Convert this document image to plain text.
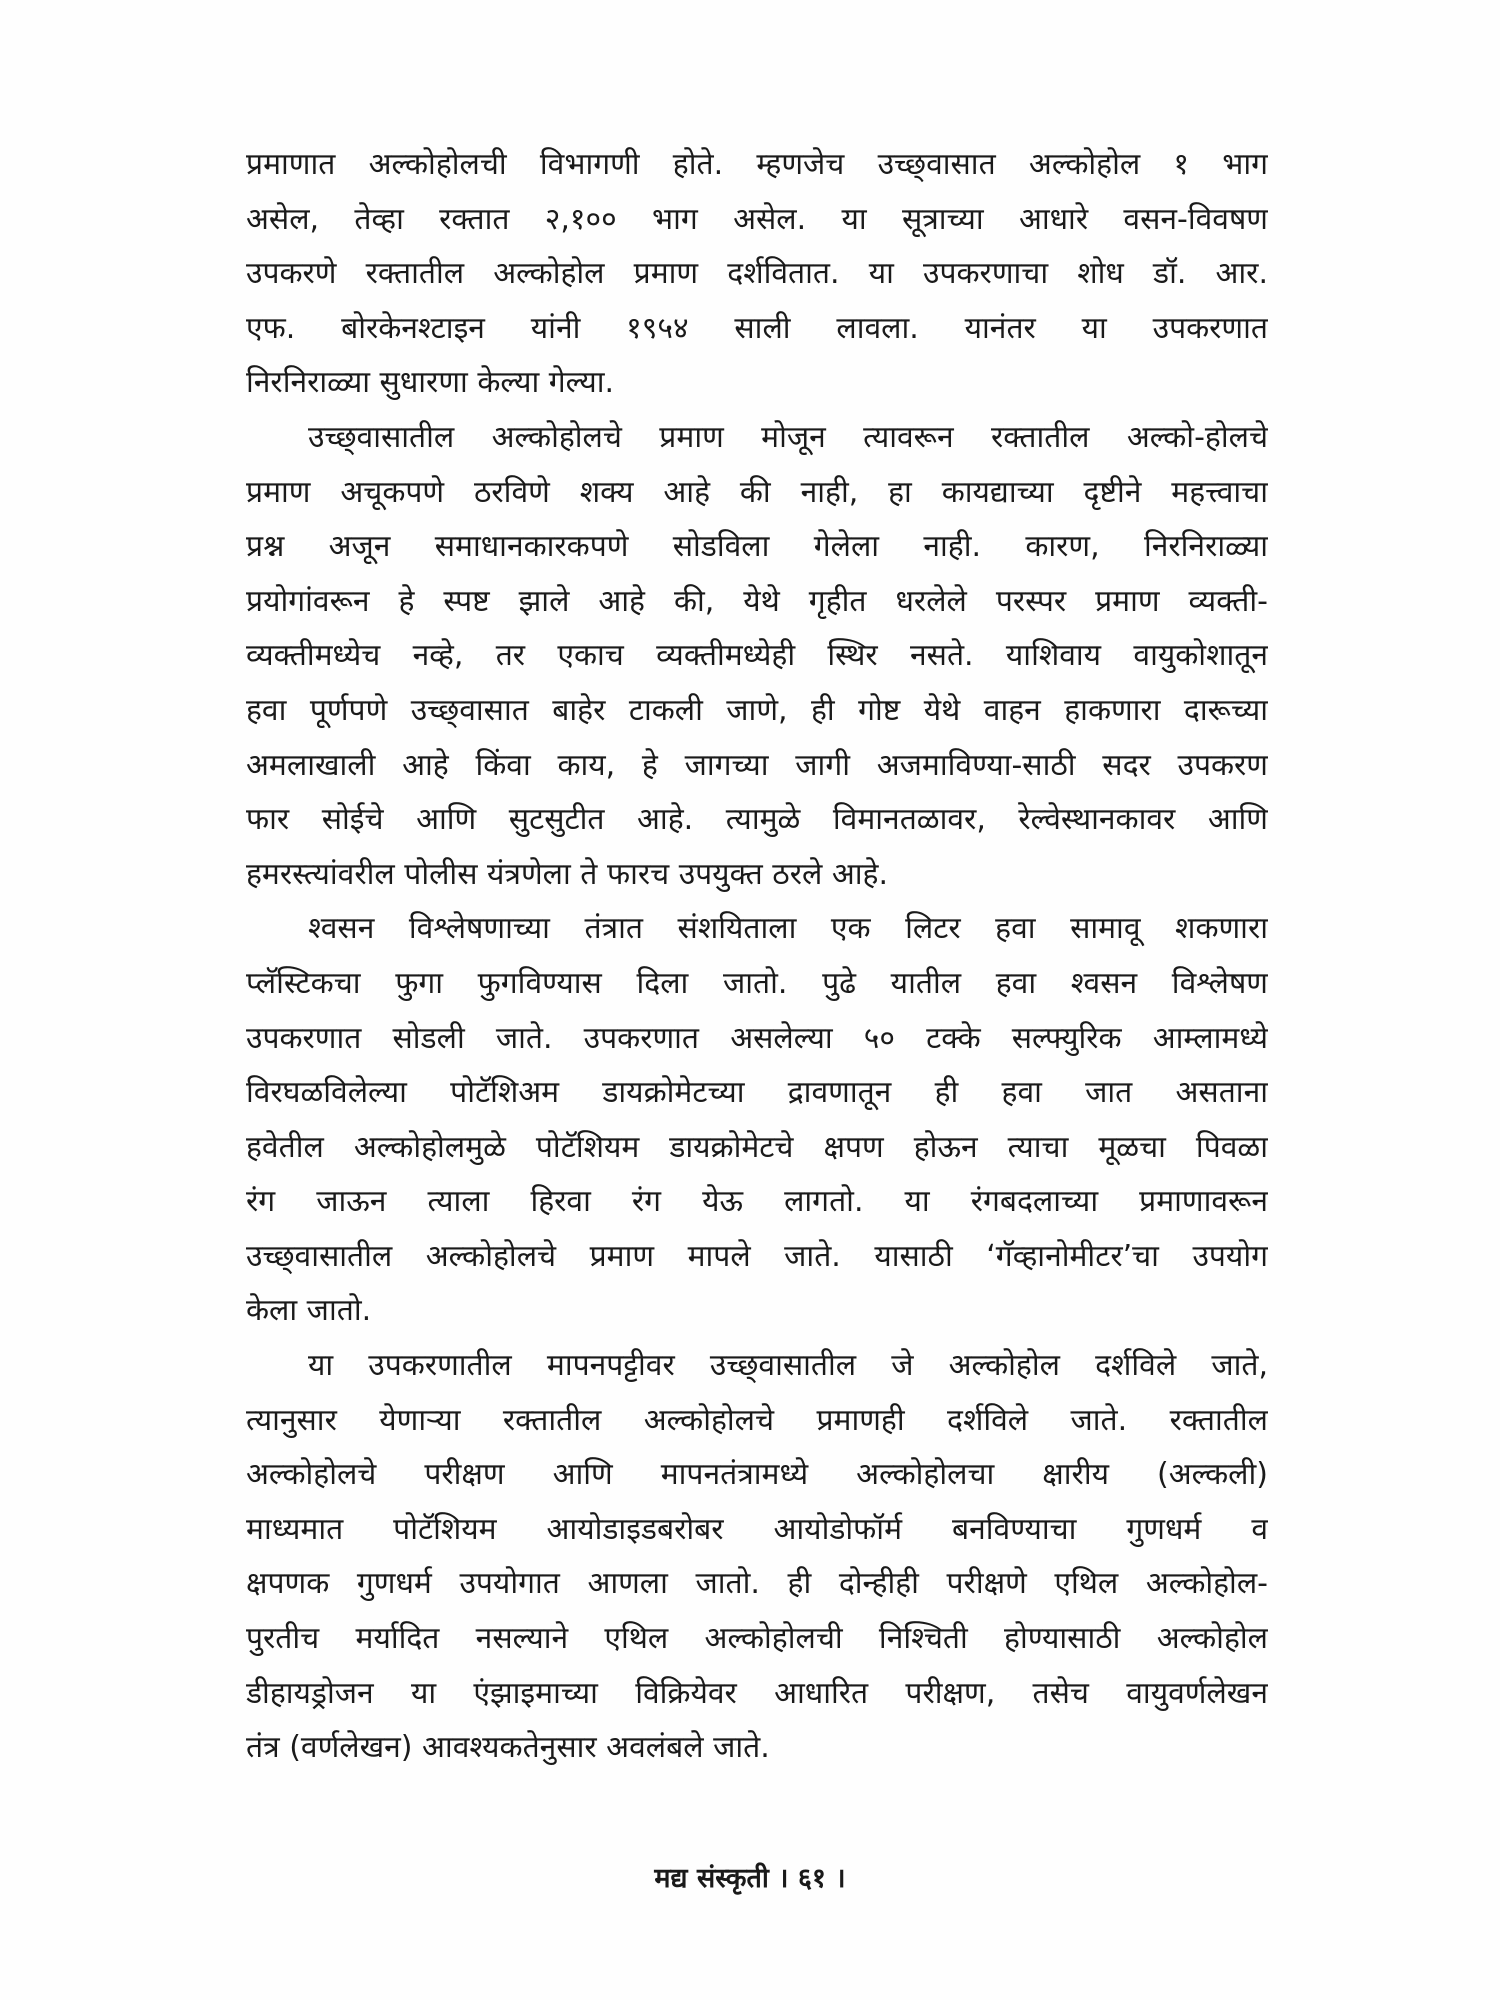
प्रमाणात अल्कोहोलची विभागणी होते. म्हणजेच उच्छ्‌वासात अल्कोहोल १ भाग
असेल, तेव्हा रक्तात २,१०० भाग असेल. या सूत्राच्या आधारे वसन-विवषण
उपकरणे रक्तातील अल्कोहोल प्रमाण दर्शवितात. या उपकरणाचा शोध डॉ. आर.
एफ. बोरकेनश्टाइन यांनी १९५४ साली लावला. यानंतर या उपकरणात
निरनिराळ्या सुधारणा केल्या गेल्या.
उच्छ्‌वासातील अल्कोहोलचे प्रमाण मोजून त्यावरून रक्तातील अल्को-होलचे
प्रमाण अचूकपणे ठरविणे शक्य आहे की नाही, हा कायद्याच्या दृष्टीने महत्त्वाचा
प्रश्न अजून समाधानकारकपणे सोडविला गेलेला नाही. कारण, निरनिराळ्या
प्रयोगांवरून हे स्पष्ट झाले आहे की, येथे गृहीत धरलेले परस्पर प्रमाण व्यक्ती-
व्यक्तीमध्येच नव्हे, तर एकाच व्यक्तीमध्येही स्थिर नसते. याशिवाय वायुकोशातून
हवा पूर्णपणे उच्छ्‌वासात बाहेर टाकली जाणे, ही गोष्ट येथे वाहन हाकणारा दारूच्या
अमलाखाली आहे किंवा काय, हे जागच्या जागी अजमाविण्या-साठी सदर उपकरण
फार सोईचे आणि सुटसुटीत आहे. त्यामुळे विमानतळावर, रेल्वेस्थानकावर आणि
हमरस्त्यांवरील पोलीस यंत्रणेला ते फारच उपयुक्त ठरले आहे.
श्वसन विश्लेषणाच्या तंत्रात संशयिताला एक लिटर हवा सामावू शकणारा
प्लॅस्टिकचा फुगा फुगविण्यास दिला जातो. पुढे यातील हवा श्वसन विश्लेषण
उपकरणात सोडली जाते. उपकरणात असलेल्या ५० टक्के सल्फ्युरिक आम्लामध्ये
विरघळविलेल्या पोटॅशिअम डायक्रोमेटच्या द्रावणातून ही हवा जात असताना
हवेतील अल्कोहोलमुळे पोटॅशियम डायक्रोमेटचे क्षपण होऊन त्याचा मूळचा पिवळा
रंग जाऊन त्याला हिरवा रंग येऊ लागतो. या रंगबदलाच्या प्रमाणावरून
उच्छ्‌वासातील अल्कोहोलचे प्रमाण मापले जाते. यासाठी ‘गॅव्हानोमीटर’चा उपयोग
केला जातो.
या उपकरणातील मापनपट्टीवर उच्छ्‌वासातील जे अल्कोहोल दर्शविले जाते,
त्यानुसार येणाऱ्या रक्तातील अल्कोहोलचे प्रमाणही दर्शविले जाते. रक्तातील
अल्कोहोलचे परीक्षण आणि मापनतंत्रामध्ये अल्कोहोलचा क्षारीय (अल्कली)
माध्यमात पोटॅशियम आयोडाइडबरोबर आयोडोफॉर्म बनविण्याचा गुणधर्म व
क्षपणक गुणधर्म उपयोगात आणला जातो. ही दोन्हीही परीक्षणे एथिल अल्कोहोल-
पुरतीच मर्यादित नसल्याने एथिल अल्कोहोलची निश्चिती होण्यासाठी अल्कोहोल
डीहायड्रोजन या एंझाइमाच्या विक्रियेवर आधारित परीक्षण, तसेच वायुवर्णलेखन
तंत्र (वर्णलेखन) आवश्यकतेनुसार अवलंबले जाते.
मद्य संस्कृती । ६१ ।
